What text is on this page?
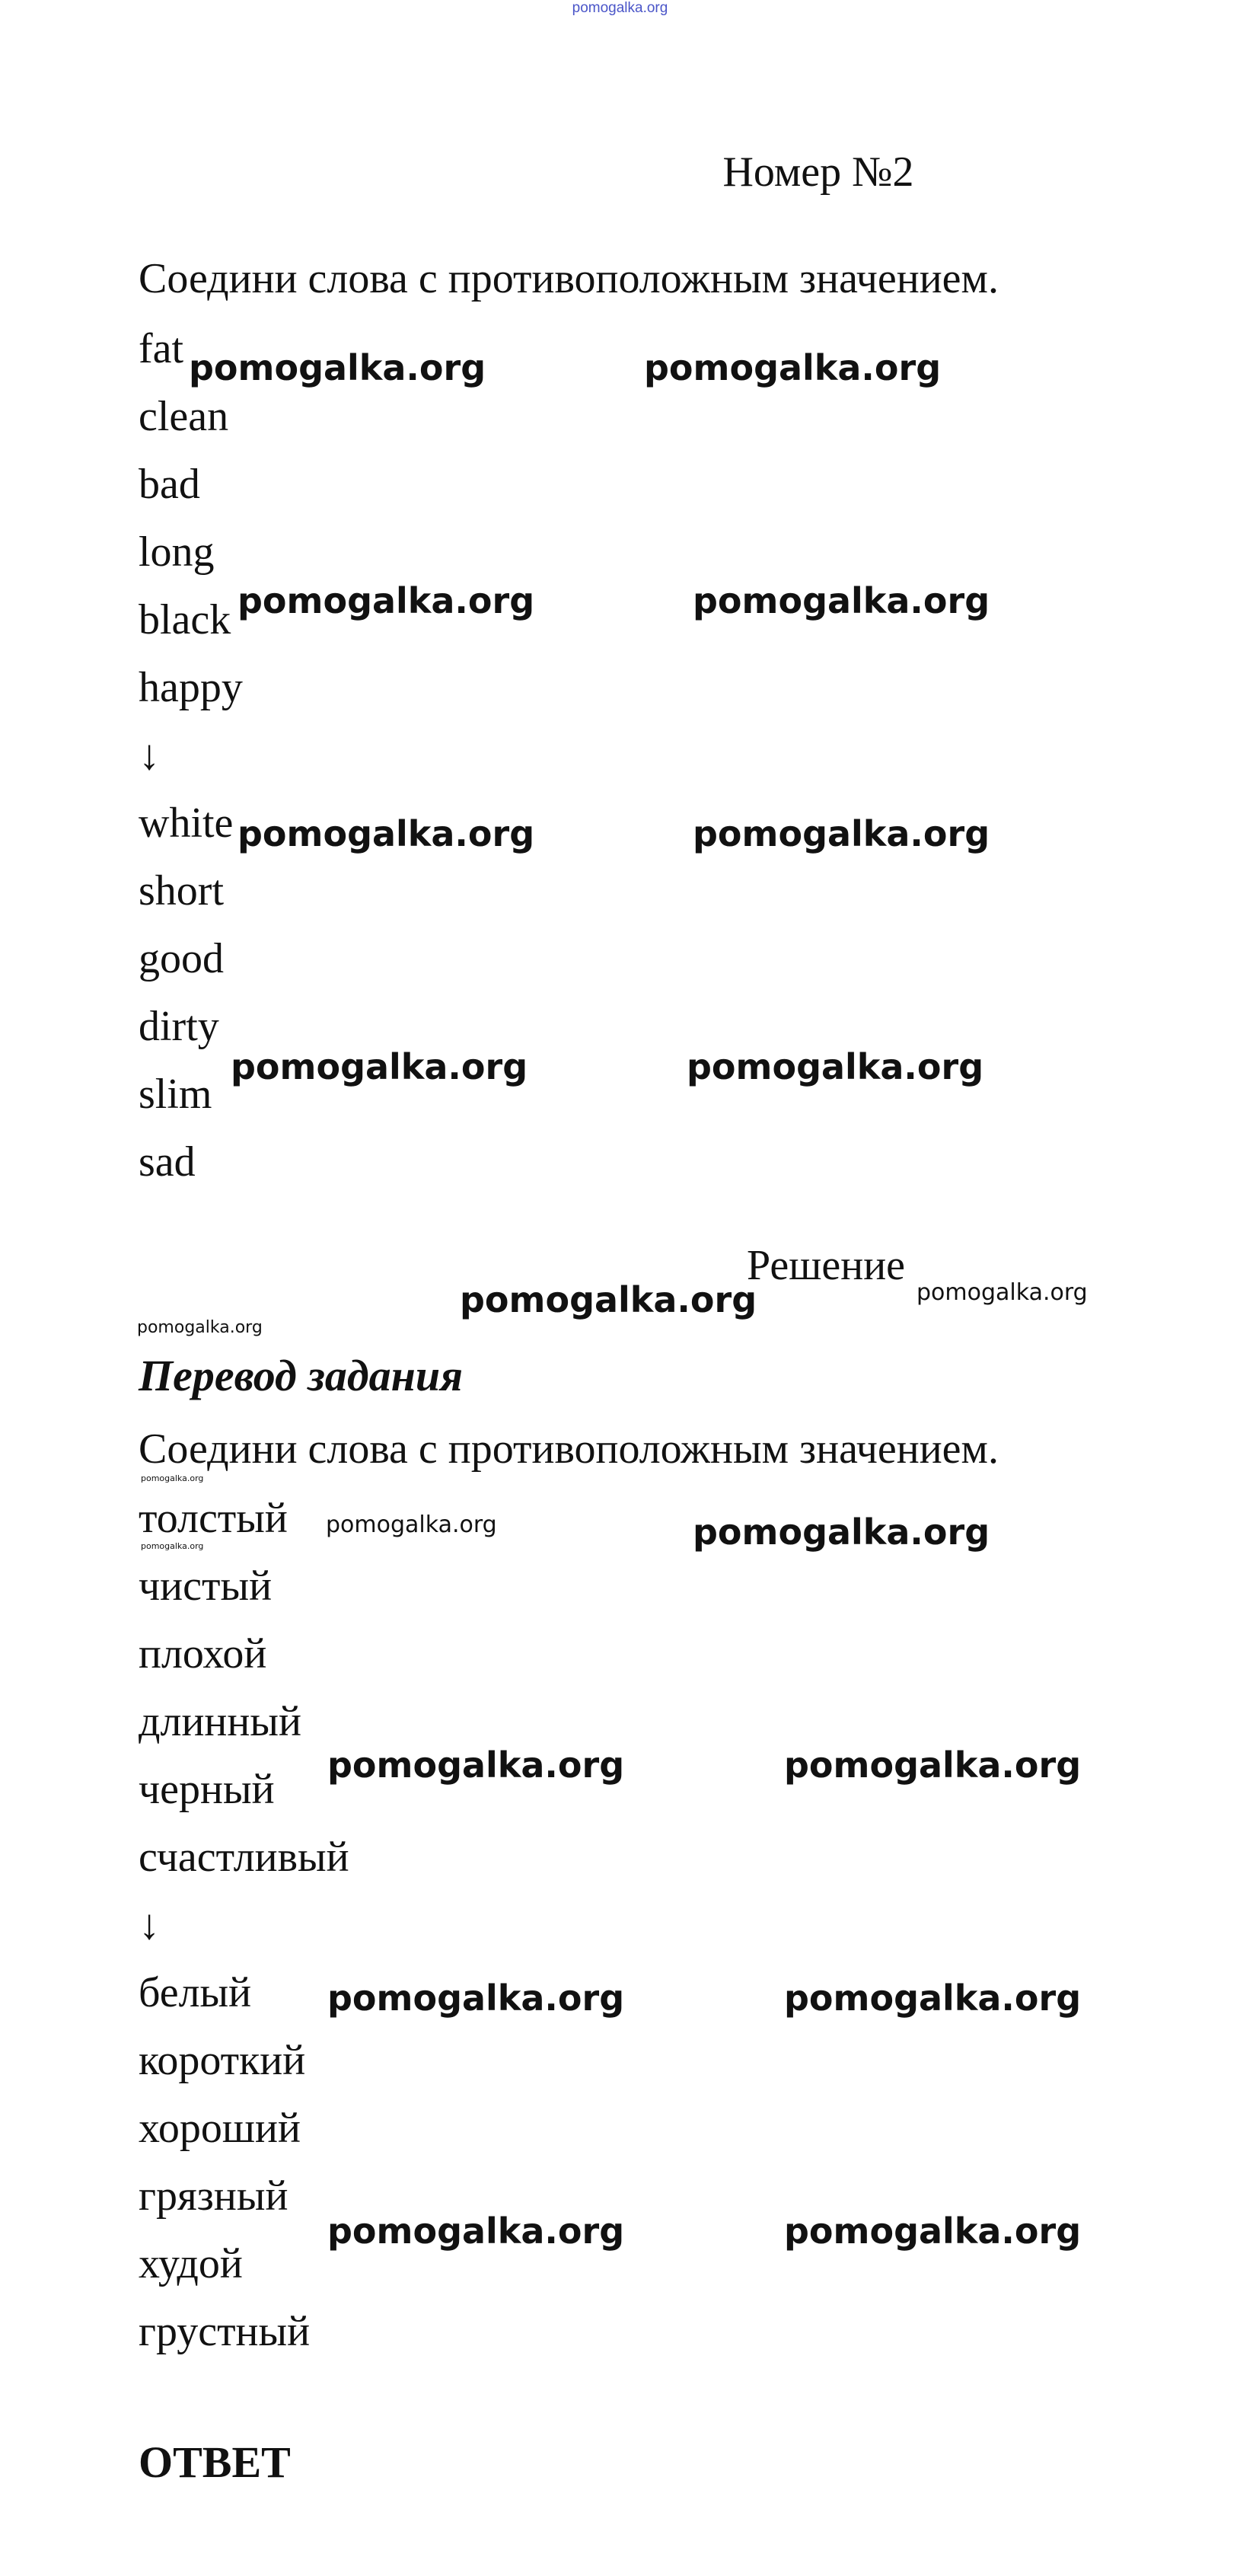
pomogalka.org
Номер №2
Соедини слова с противоположным значением.
fat
clean
bad
long
black
happy
↓
white
short
good
dirty
slim
sad
Решение
Перевод задания
Соедини слова с противоположным значением.
толстый
чистый
плохой
длинный
черный
счастливый
↓
белый
короткий
хороший
грязный
худой
грустный
ОТВЕТ
pomogalka.org	pomogalka.org
pomogalka.org	pomogalka.org
pomogalka.org	pomogalka.org
pomogalka.org	pomogalka.org
pomogalka.org	pomogalka.org
pomogalka.org
pomogalka.org
pomogalka.org	pomogalka.org
pomogalka.org
pomogalka.org	pomogalka.org
pomogalka.org	pomogalka.org
pomogalka.org	pomogalka.org
